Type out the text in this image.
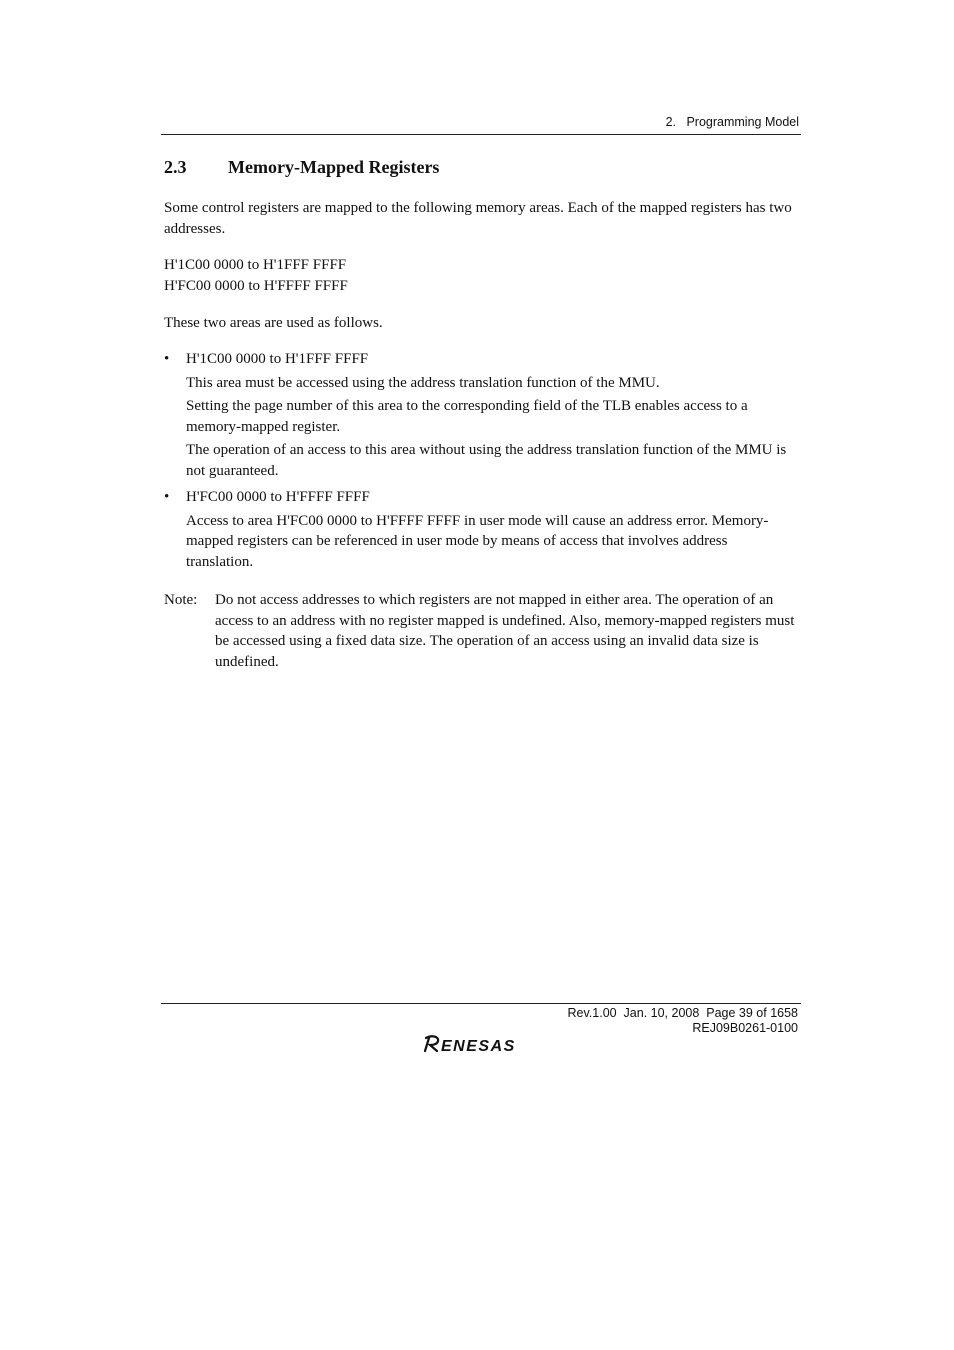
2.   Programming Model
2.3 Memory-Mapped Registers
Some control registers are mapped to the following memory areas. Each of the mapped registers has two addresses.
H'1C00 0000 to H'1FFF FFFF
H'FC00 0000 to H'FFFF FFFF
These two areas are used as follows.
•	H'1C00 0000 to H'1FFF FFFF
This area must be accessed using the address translation function of the MMU.
Setting the page number of this area to the corresponding field of the TLB enables access to a memory-mapped register.
The operation of an access to this area without using the address translation function of the MMU is not guaranteed.
•	H'FC00 0000 to H'FFFF FFFF
Access to area H'FC00 0000 to H'FFFF FFFF in user mode will cause an address error. Memory-mapped registers can be referenced in user mode by means of access that involves address translation.
Note: Do not access addresses to which registers are not mapped in either area. The operation of an access to an address with no register mapped is undefined. Also, memory-mapped registers must be accessed using a fixed data size. The operation of an access using an invalid data size is undefined.
Rev.1.00  Jan. 10, 2008  Page 39 of 1658
REJ09B0261-0100
ENESAS
